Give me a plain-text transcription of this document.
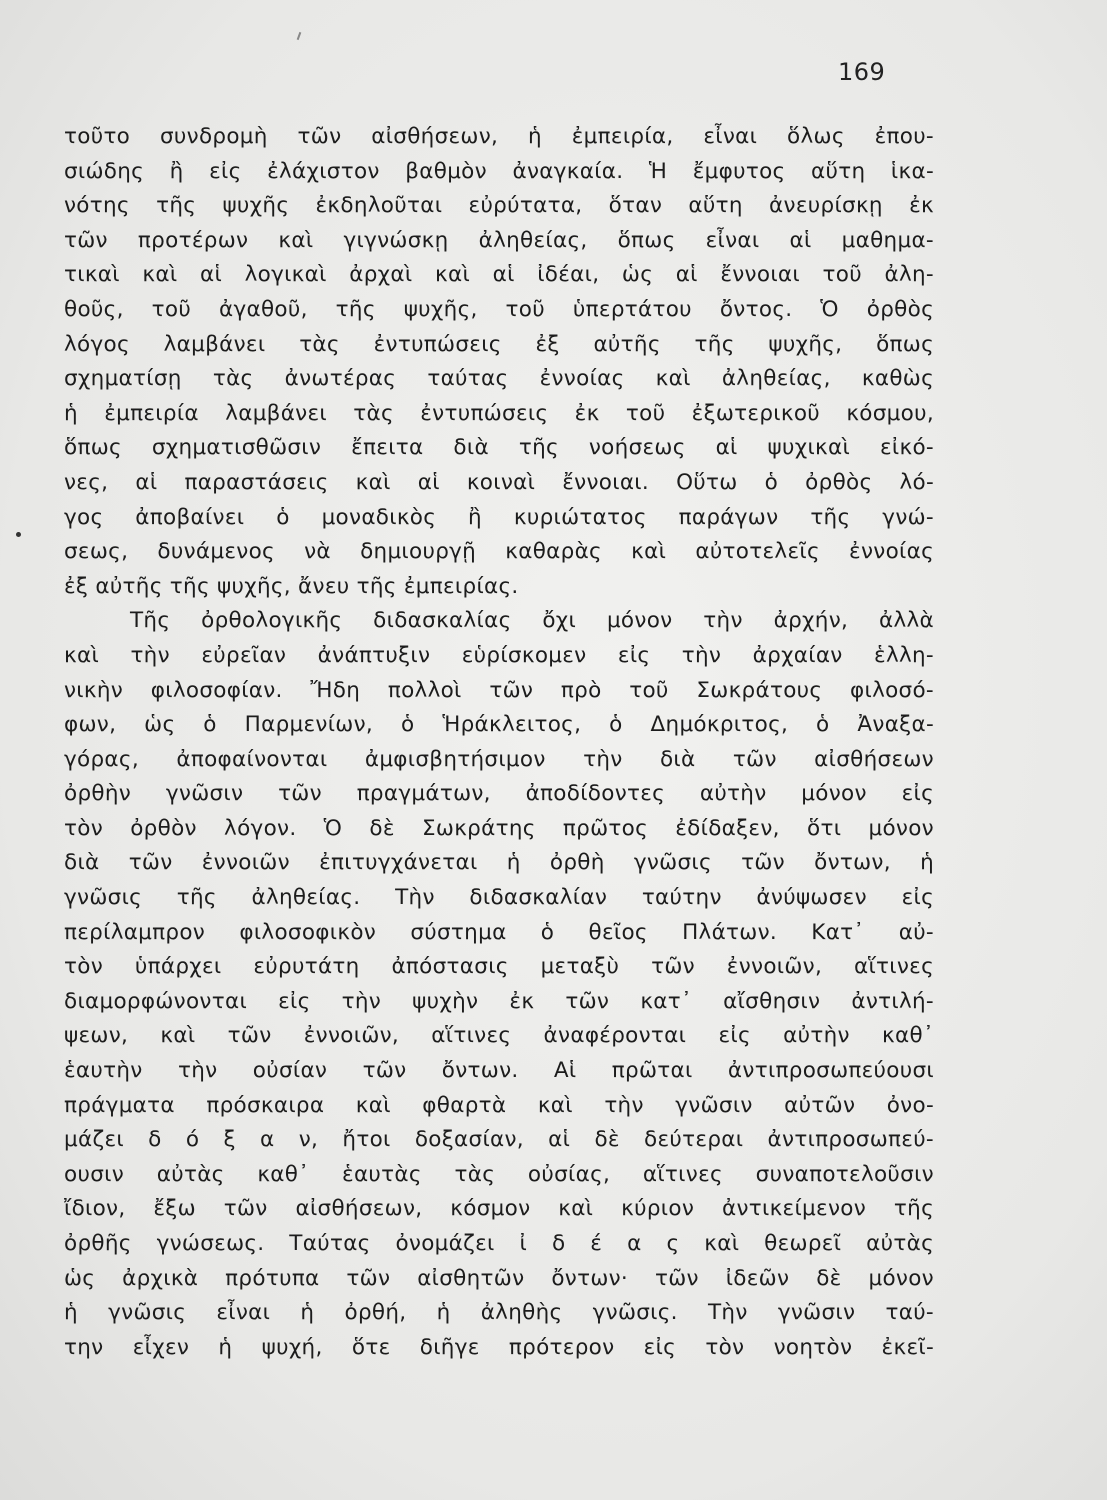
169
τοῦτο συνδρομὴ τῶν αἰσθήσεων, ἡ ἐμπειρία, εἶναι ὅλως ἐπου-
σιώδης ἢ εἰς ἐλάχιστον βαθμὸν ἀναγκαία. Ἡ ἔμφυτος αὕτη ἱκα-
νότης τῆς ψυχῆς ἐκδηλοῦται εὐρύτατα, ὅταν αὕτη ἀνευρίσκῃ ἐκ
τῶν προτέρων καὶ γιγνώσκῃ ἀληθείας, ὅπως εἶναι αἱ μαθημα-
τικαὶ καὶ αἱ λογικαὶ ἀρχαὶ καὶ αἱ ἰδέαι, ὡς αἱ ἔννοιαι τοῦ ἀλη-
θοῦς, τοῦ ἀγαθοῦ, τῆς ψυχῆς, τοῦ ὑπερτάτου ὄντος. Ὁ ὀρθὸς
λόγος λαμβάνει τὰς ἐντυπώσεις ἐξ αὐτῆς τῆς ψυχῆς, ὅπως
σχηματίσῃ τὰς ἀνωτέρας ταύτας ἐννοίας καὶ ἀληθείας, καθὼς
ἡ ἐμπειρία λαμβάνει τὰς ἐντυπώσεις ἐκ τοῦ ἐξωτερικοῦ κόσμου,
ὅπως σχηματισθῶσιν ἔπειτα διὰ τῆς νοήσεως αἱ ψυχικαὶ εἰκό-
νες, αἱ παραστάσεις καὶ αἱ κοιναὶ ἔννοιαι. Οὕτω ὁ ὀρθὸς λό-
γος ἀποβαίνει ὁ μοναδικὸς ἢ κυριώτατος παράγων τῆς γνώ-
σεως, δυνάμενος νὰ δημιουργῇ καθαρὰς καὶ αὐτοτελεῖς ἐννοίας
ἐξ αὐτῆς τῆς ψυχῆς, ἄνευ τῆς ἐμπειρίας.
Τῆς ὀρθολογικῆς διδασκαλίας ὄχι μόνον τὴν ἀρχήν, ἀλλὰ
καὶ τὴν εὐρεῖαν ἀνάπτυξιν εὑρίσκομεν εἰς τὴν ἀρχαίαν ἑλλη-
νικὴν φιλοσοφίαν. Ἤδη πολλοὶ τῶν πρὸ τοῦ Σωκράτους φιλοσό-
φων, ὡς ὁ Παρμενίων, ὁ Ἡράκλειτος, ὁ Δημόκριτος, ὁ Ἀναξα-
γόρας, ἀποφαίνονται ἀμφισβητήσιμον τὴν διὰ τῶν αἰσθήσεων
ὀρθὴν γνῶσιν τῶν πραγμάτων, ἀποδίδοντες αὐτὴν μόνον εἰς
τὸν ὀρθὸν λόγον. Ὁ δὲ Σωκράτης πρῶτος ἐδίδαξεν, ὅτι μόνον
διὰ τῶν ἐννοιῶν ἐπιτυγχάνεται ἡ ὀρθὴ γνῶσις τῶν ὄντων, ἡ
γνῶσις τῆς ἀληθείας. Τὴν διδασκαλίαν ταύτην ἀνύψωσεν εἰς
περίλαμπρον φιλοσοφικὸν σύστημα ὁ θεῖος Πλάτων. Κατ᾽ αὐ-
τὸν ὑπάρχει εὐρυτάτη ἀπόστασις μεταξὺ τῶν ἐννοιῶν, αἵτινες
διαμορφώνονται εἰς τὴν ψυχὴν ἐκ τῶν κατ᾽ αἴσθησιν ἀντιλή-
ψεων, καὶ τῶν ἐννοιῶν, αἵτινες ἀναφέρονται εἰς αὐτὴν καθ᾽
ἑαυτὴν τὴν οὐσίαν τῶν ὄντων. Αἱ πρῶται ἀντιπροσωπεύουσι
πράγματα πρόσκαιρα καὶ φθαρτὰ καὶ τὴν γνῶσιν αὐτῶν ὀνο-
μάζει δ ό ξ α ν, ἤτοι δοξασίαν, αἱ δὲ δεύτεραι ἀντιπροσωπεύ-
ουσιν αὐτὰς καθ᾽ ἑαυτὰς τὰς οὐσίας, αἵτινες συναποτελοῦσιν
ἴδιον, ἔξω τῶν αἰσθήσεων, κόσμον καὶ κύριον ἀντικείμενον τῆς
ὀρθῆς γνώσεως. Ταύτας ὀνομάζει ἰ δ έ α ς καὶ θεωρεῖ αὐτὰς
ὡς ἀρχικὰ πρότυπα τῶν αἰσθητῶν ὄντων· τῶν ἰδεῶν δὲ μόνον
ἡ γνῶσις εἶναι ἡ ὀρθή, ἡ ἀληθὴς γνῶσις. Τὴν γνῶσιν ταύ-
την εἶχεν ἡ ψυχή, ὅτε διῆγε πρότερον εἰς τὸν νοητὸν ἐκεῖ-
